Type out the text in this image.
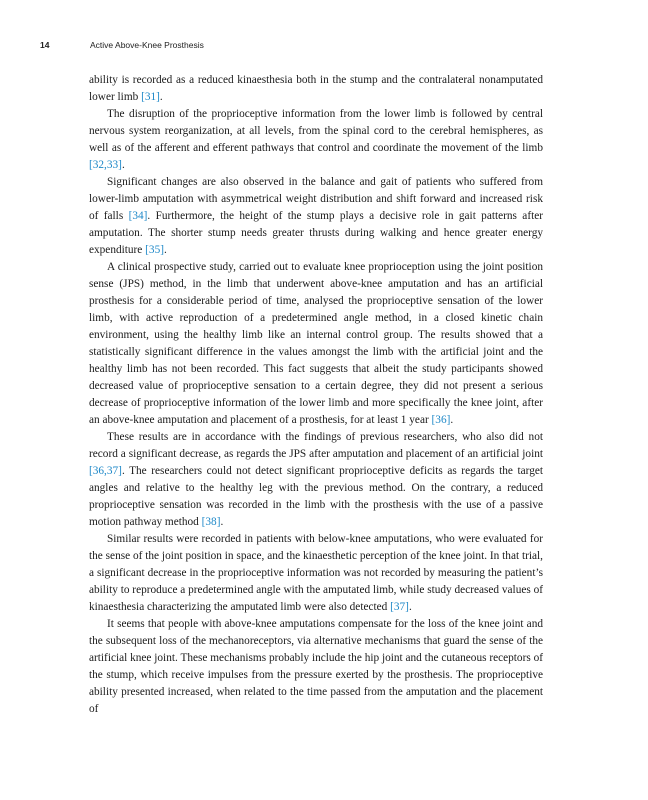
14	Active Above-Knee Prosthesis

ability is recorded as a reduced kinaesthesia both in the stump and the contralateral nonamputated lower limb [31].

The disruption of the proprioceptive information from the lower limb is followed by central nervous system reorganization, at all levels, from the spinal cord to the cerebral hemispheres, as well as of the afferent and efferent pathways that control and coordinate the movement of the limb [32,33].

Significant changes are also observed in the balance and gait of patients who suffered from lower-limb amputation with asymmetrical weight distribution and shift forward and increased risk of falls [34]. Furthermore, the height of the stump plays a decisive role in gait patterns after amputation. The shorter stump needs greater thrusts during walking and hence greater energy expenditure [35].

A clinical prospective study, carried out to evaluate knee proprioception using the joint position sense (JPS) method, in the limb that underwent above-knee amputation and has an artificial prosthesis for a considerable period of time, analysed the proprioceptive sensation of the lower limb, with active reproduction of a predetermined angle method, in a closed kinetic chain environment, using the healthy limb like an internal control group. The results showed that a statistically significant difference in the values amongst the limb with the artificial joint and the healthy limb has not been recorded. This fact suggests that albeit the study participants showed decreased value of proprioceptive sensation to a certain degree, they did not present a serious decrease of proprioceptive information of the lower limb and more specifically the knee joint, after an above-knee amputation and placement of a prosthesis, for at least 1 year [36].

These results are in accordance with the findings of previous researchers, who also did not record a significant decrease, as regards the JPS after amputation and placement of an artificial joint [36,37]. The researchers could not detect significant proprioceptive deficits as regards the target angles and relative to the healthy leg with the previous method. On the contrary, a reduced proprioceptive sensation was recorded in the limb with the prosthesis with the use of a passive motion pathway method [38].

Similar results were recorded in patients with below-knee amputations, who were evaluated for the sense of the joint position in space, and the kinaesthetic perception of the knee joint. In that trial, a significant decrease in the proprioceptive information was not recorded by measuring the patient’s ability to reproduce a predetermined angle with the amputated limb, while study decreased values of kinaesthesia characterizing the amputated limb were also detected [37].

It seems that people with above-knee amputations compensate for the loss of the knee joint and the subsequent loss of the mechanoreceptors, via alternative mechanisms that guard the sense of the artificial knee joint. These mechanisms probably include the hip joint and the cutaneous receptors of the stump, which receive impulses from the pressure exerted by the prosthesis. The proprioceptive ability presented increased, when related to the time passed from the amputation and the placement of
